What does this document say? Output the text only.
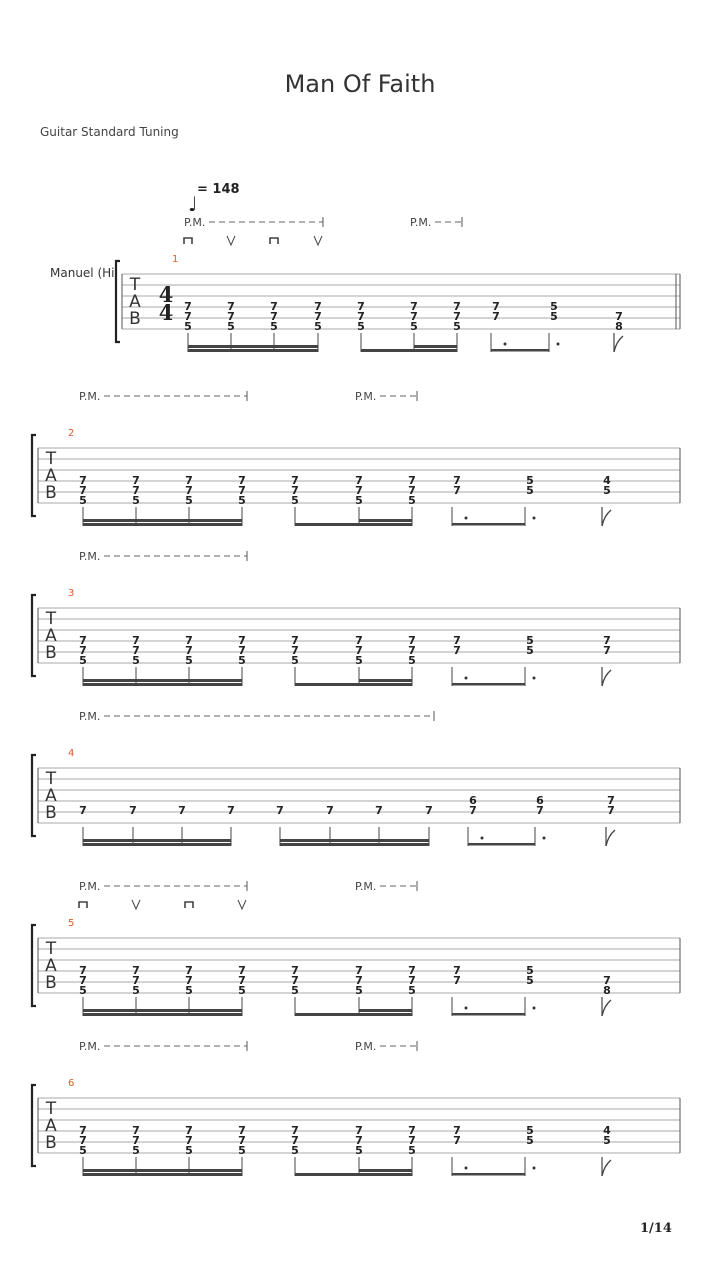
Man Of Faith
Guitar Standard Tuning
T
A
B
1
Manuel (Hi
4
4
♩
= 148
7
7
5
7
7
5
7
7
5
7
7
5
7
7
5
7
7
5
7
7
5
7
7
5
5	7
8
P.M.	P.M.
T
A
B
2
7
7
5
7
7
5
7
7
5
7
7
5
7
7
5
7
7
5
7
7
5
7
7
5
5
4
5
P.M.	P.M.
T
A
B
3
7
7
5
7
7
5
7
7
5
7
7
5
7
7
5
7
7
5
7
7
5
7
7
5
5
7
7
P.M.
T
A
B
4
7	7	7	7	7	7	7	7
6
7
6
7
7
7
P.M.
T
A
B
5
7
7
5
7
7
5
7
7
5
7
7
5
7
7
5
7
7
5
7
7
5
7
7
5
5	7
8
P.M.	P.M.
T
A
B
6
7
7
5
7
7
5
7
7
5
7
7
5
7
7
5
7
7
5
7
7
5
7
7
5
5
4
5
P.M.	P.M.
1/14
